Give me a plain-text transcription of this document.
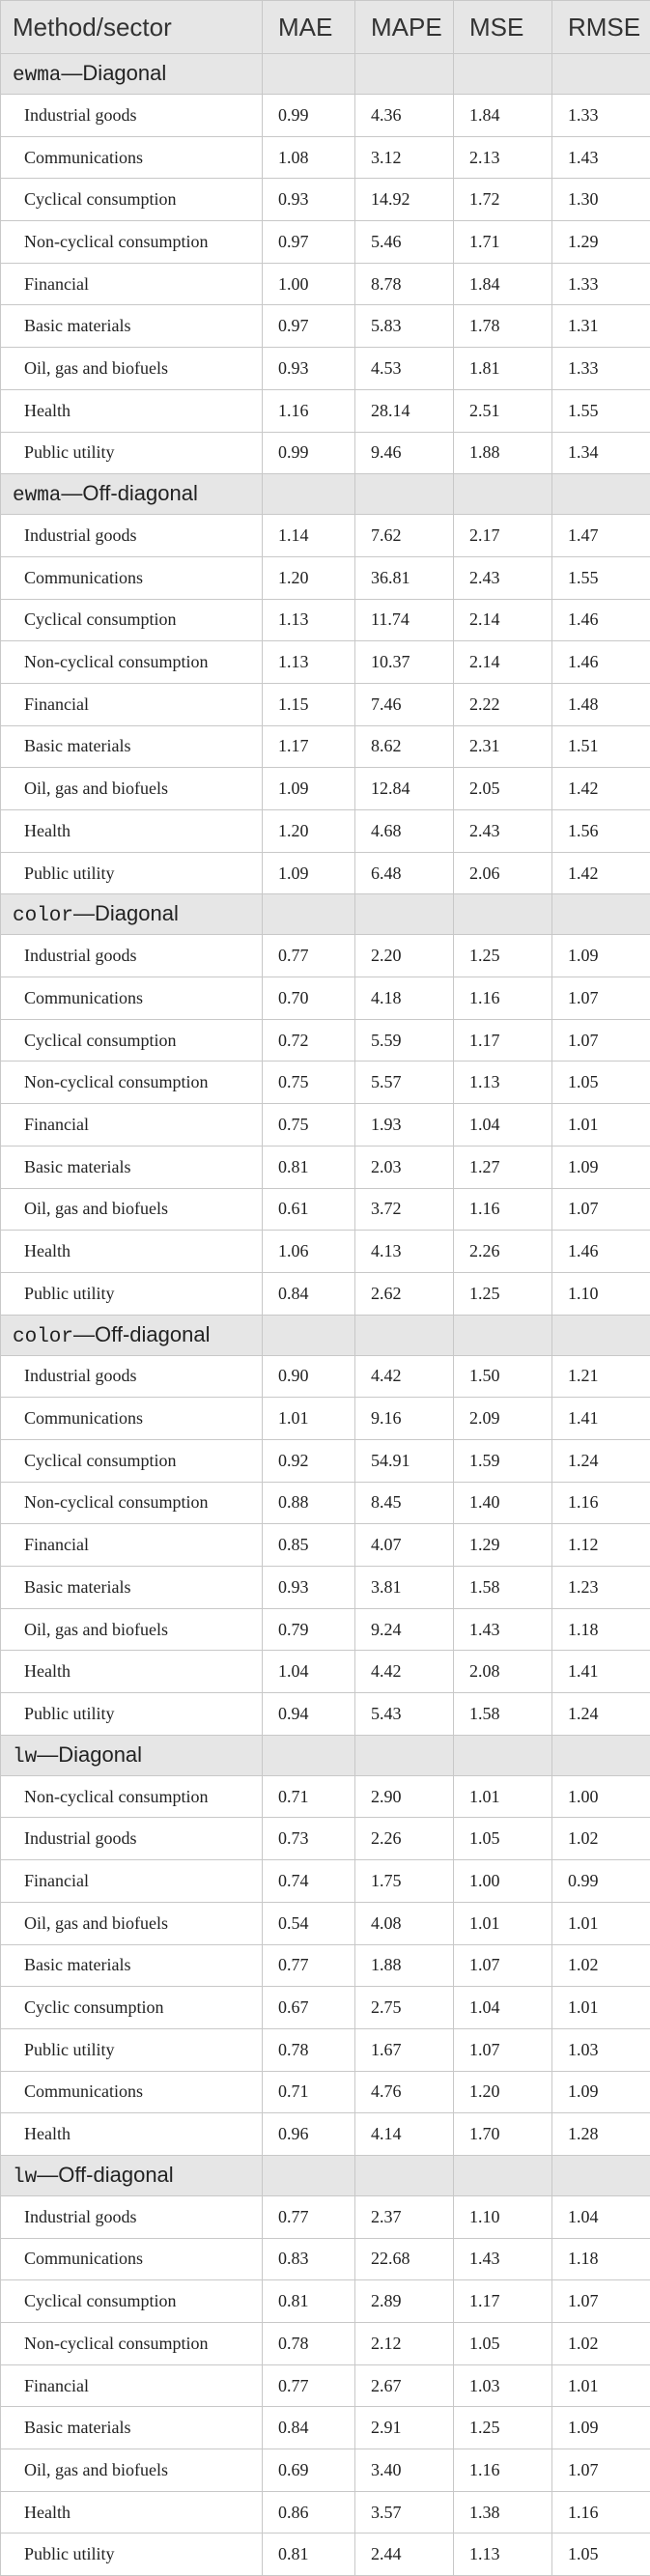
Method/sector	MAE	MAPE	MSE	RMSE
ewma—Diagonal				
Industrial goods	0.99	4.36	1.84	1.33
Communications	1.08	3.12	2.13	1.43
Cyclical consumption	0.93	14.92	1.72	1.30
Non-cyclical consumption	0.97	5.46	1.71	1.29
Financial	1.00	8.78	1.84	1.33
Basic materials	0.97	5.83	1.78	1.31
Oil, gas and biofuels	0.93	4.53	1.81	1.33
Health	1.16	28.14	2.51	1.55
Public utility	0.99	9.46	1.88	1.34
ewma—Off-diagonal				
Industrial goods	1.14	7.62	2.17	1.47
Communications	1.20	36.81	2.43	1.55
Cyclical consumption	1.13	11.74	2.14	1.46
Non-cyclical consumption	1.13	10.37	2.14	1.46
Financial	1.15	7.46	2.22	1.48
Basic materials	1.17	8.62	2.31	1.51
Oil, gas and biofuels	1.09	12.84	2.05	1.42
Health	1.20	4.68	2.43	1.56
Public utility	1.09	6.48	2.06	1.42
color—Diagonal				
Industrial goods	0.77	2.20	1.25	1.09
Communications	0.70	4.18	1.16	1.07
Cyclical consumption	0.72	5.59	1.17	1.07
Non-cyclical consumption	0.75	5.57	1.13	1.05
Financial	0.75	1.93	1.04	1.01
Basic materials	0.81	2.03	1.27	1.09
Oil, gas and biofuels	0.61	3.72	1.16	1.07
Health	1.06	4.13	2.26	1.46
Public utility	0.84	2.62	1.25	1.10
color—Off-diagonal				
Industrial goods	0.90	4.42	1.50	1.21
Communications	1.01	9.16	2.09	1.41
Cyclical consumption	0.92	54.91	1.59	1.24
Non-cyclical consumption	0.88	8.45	1.40	1.16
Financial	0.85	4.07	1.29	1.12
Basic materials	0.93	3.81	1.58	1.23
Oil, gas and biofuels	0.79	9.24	1.43	1.18
Health	1.04	4.42	2.08	1.41
Public utility	0.94	5.43	1.58	1.24
lw—Diagonal				
Non-cyclical consumption	0.71	2.90	1.01	1.00
Industrial goods	0.73	2.26	1.05	1.02
Financial	0.74	1.75	1.00	0.99
Oil, gas and biofuels	0.54	4.08	1.01	1.01
Basic materials	0.77	1.88	1.07	1.02
Cyclic consumption	0.67	2.75	1.04	1.01
Public utility	0.78	1.67	1.07	1.03
Communications	0.71	4.76	1.20	1.09
Health	0.96	4.14	1.70	1.28
lw—Off-diagonal				
Industrial goods	0.77	2.37	1.10	1.04
Communications	0.83	22.68	1.43	1.18
Cyclical consumption	0.81	2.89	1.17	1.07
Non-cyclical consumption	0.78	2.12	1.05	1.02
Financial	0.77	2.67	1.03	1.01
Basic materials	0.84	2.91	1.25	1.09
Oil, gas and biofuels	0.69	3.40	1.16	1.07
Health	0.86	3.57	1.38	1.16
Public utility	0.81	2.44	1.13	1.05
